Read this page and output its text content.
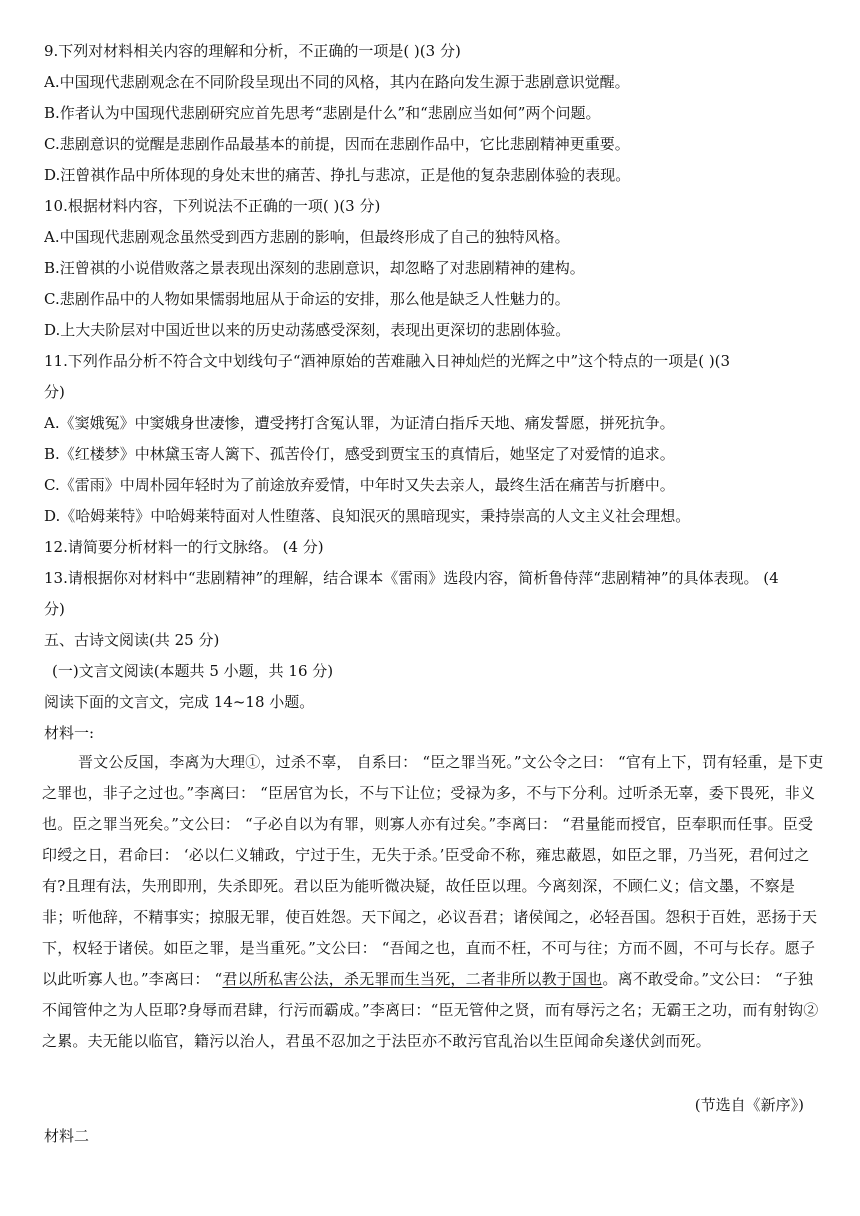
9.下列对材料相关内容的理解和分析，不正确的一项是( )(3 分)
A.中国现代悲剧观念在不同阶段呈现出不同的风格，其内在路向发生源于悲剧意识觉醒。
B.作者认为中国现代悲剧研究应首先思考“悲剧是什么”和“悲剧应当如何”两个问题。
C.悲剧意识的觉醒是悲剧作品最基本的前提，因而在悲剧作品中，它比悲剧精神更重要。
D.汪曾祺作品中所体现的身处末世的痛苦、挣扎与悲凉，正是他的复杂悲剧体验的表现。
10.根据材料内容，下列说法不正确的一项( )(3 分)
A.中国现代悲剧观念虽然受到西方悲剧的影响，但最终形成了自己的独特风格。
B.汪曾祺的小说借败落之景表现出深刻的悲剧意识，却忽略了对悲剧精神的建构。
C.悲剧作品中的人物如果懦弱地屈从于命运的安排，那么他是缺乏人性魅力的。
D.上大夫阶层对中国近世以来的历史动荡感受深刻，表现出更深切的悲剧体验。
11.下列作品分析不符合文中划线句子“酒神原始的苦难融入日神灿烂的光辉之中”这个特点的一项是( )(3
分)
A.《窦娥冤》中窦娥身世凄惨，遭受拷打含冤认罪，为证清白指斥天地、痛发誓愿，拼死抗争。
B.《红楼梦》中林黛玉寄人篱下、孤苦伶仃，感受到贾宝玉的真情后，她坚定了对爱情的追求。
C.《雷雨》中周朴园年轻时为了前途放弃爱情，中年时又失去亲人，最终生活在痛苦与折磨中。
D.《哈姆莱特》中哈姆莱特面对人性堕落、良知泯灭的黑暗现实，秉持崇高的人文主义社会理想。
12.请简要分析材料一的行文脉络。 (4 分)
13.请根据你对材料中“悲剧精神”的理解，结合课本《雷雨》选段内容，简析鲁侍萍“悲剧精神”的具体表现。 (4
分)
五、古诗文阅读(共 25 分)
(一)文言文阅读(本题共 5 小题，共 16 分)
阅读下面的文言文，完成 14~18 小题。
材料一:
晋文公反国，李离为大理①，过杀不辜， 自系曰： “臣之罪当死。”文公令之曰： “官有上下，罚有轻重，是下吏之罪也，非子之过也。”李离曰： “臣居官为长，不与下让位；受禄为多，不与下分利。过听杀无辜，委下畏死，非义也。臣之罪当死矣。”文公曰： “子必自以为有罪，则寡人亦有过矣。”李离曰： “君量能而授官，臣奉职而任事。臣受印绶之日，君命曰： ‘必以仁义辅政，宁过于生，无失于杀。’臣受命不称，雍忠蔽恩，如臣之罪，乃当死，君何过之有?且理有法，失刑即刑，失杀即死。君以臣为能听微决疑，故任臣以理。今离刻深，不顾仁义；信文墨，不察是非；听他辞，不精事实；掠服无罪，使百姓怨。天下闻之，必议吾君；诸侯闻之，必轻吾国。怨积于百姓，恶扬于天下，权轻于诸侯。如臣之罪，是当重死。”文公曰： “吾闻之也，直而不枉，不可与往；方而不圆，不可与长存。愿子以此听寡人也。”李离曰： “君以所私害公法，杀无罪而生当死，二者非所以教于国也。离不敢受命。”文公曰： “子独不闻管仲之为人臣耶?身辱而君肆，行污而霸成。”李离曰：“臣无管仲之贤，而有辱污之名；无霸王之功，而有射钩②之累。夫无能以临官，籍污以治人，君虽不忍加之于法臣亦不敢污官乱治以生臣闻命矣遂伏剑而死。
(节选自《新序》)
材料二
